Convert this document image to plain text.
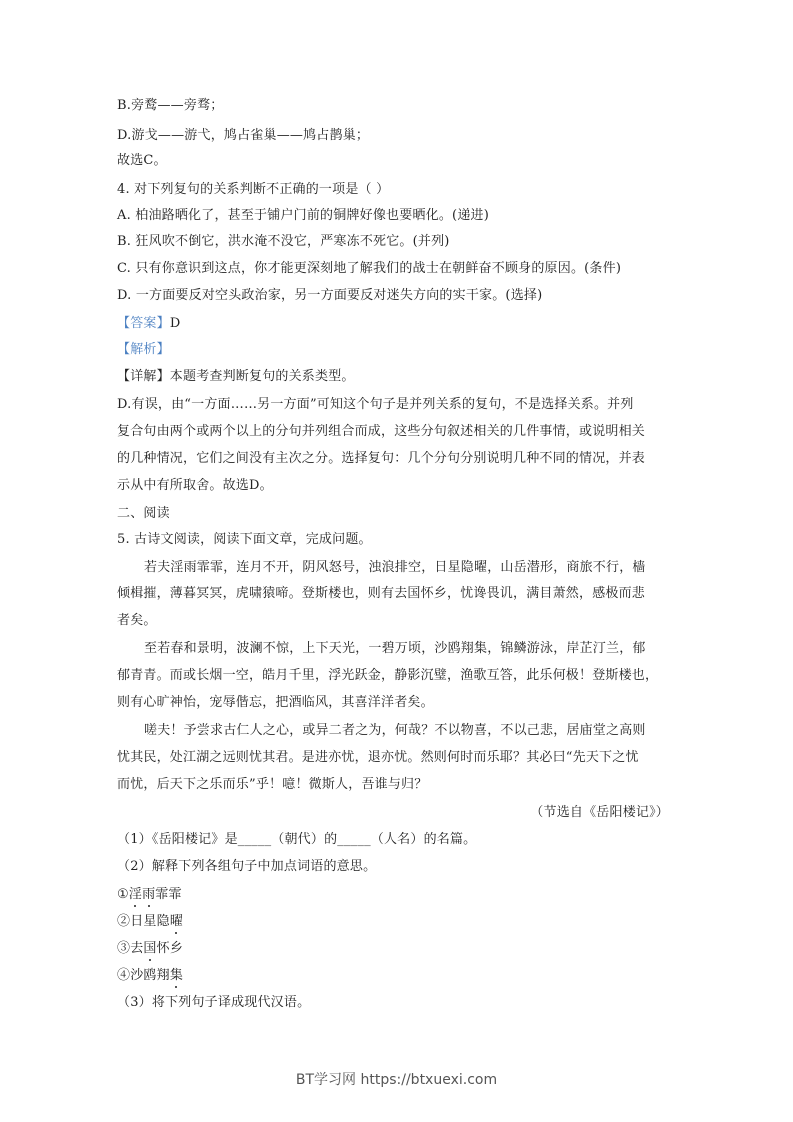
B.旁鹜——旁骛；
D.游戈——游弋，鸠占雀巢——鸠占鹊巢；
故选C。
4. 对下列复句的关系判断不正确的一项是（ ）
A. 柏油路晒化了，甚至于铺户门前的铜牌好像也要晒化。(递进)
B. 狂风吹不倒它，洪水淹不没它，严寒冻不死它。(并列)
C. 只有你意识到这点，你才能更深刻地了解我们的战士在朝鲜奋不顾身的原因。(条件)
D. 一方面要反对空头政治家，另一方面要反对迷失方向的实干家。(选择)
【答案】D
【解析】
【详解】本题考查判断复句的关系类型。
D.有误，由“一方面……另一方面”可知这个句子是并列关系的复句，不是选择关系。并列
复合句由两个或两个以上的分句并列组合而成，这些分句叙述相关的几件事情，或说明相关
的几种情况，它们之间没有主次之分。选择复句：几个分句分别说明几种不同的情况，并表
示从中有所取舍。故选D。
二、阅读
5. 古诗文阅读，阅读下面文章，完成问题。
若夫淫雨霏霏，连月不开，阴风怒号，浊浪排空，日星隐曜，山岳潜形，商旅不行，樯
倾楫摧，薄暮冥冥，虎啸猿啼。登斯楼也，则有去国怀乡，忧谗畏讥，满目萧然，感极而悲
者矣。
至若春和景明，波澜不惊，上下天光，一碧万顷，沙鸥翔集，锦鳞游泳，岸芷汀兰，郁
郁青青。而或长烟一空，皓月千里，浮光跃金，静影沉璧，渔歌互答，此乐何极！登斯楼也，
则有心旷神怡，宠辱偕忘，把酒临风，其喜洋洋者矣。
嗟夫！予尝求古仁人之心，或异二者之为，何哉？不以物喜，不以己悲，居庙堂之高则
忧其民，处江湖之远则忧其君。是进亦忧，退亦忧。然则何时而乐耶？其必曰“先天下之忧
而忧，后天下之乐而乐”乎！噫！微斯人，吾谁与归？
（节选自《岳阳楼记》）
（1）《岳阳楼记》是_____（朝代）的_____（人名）的名篇。
（2）解释下列各组句子中加点词语的意思。
①淫雨霏霏
②日星隐曜
③去国怀乡
④沙鸥翔集
（3）将下列句子译成现代汉语。
BT学习网 https://btxuexi.com
